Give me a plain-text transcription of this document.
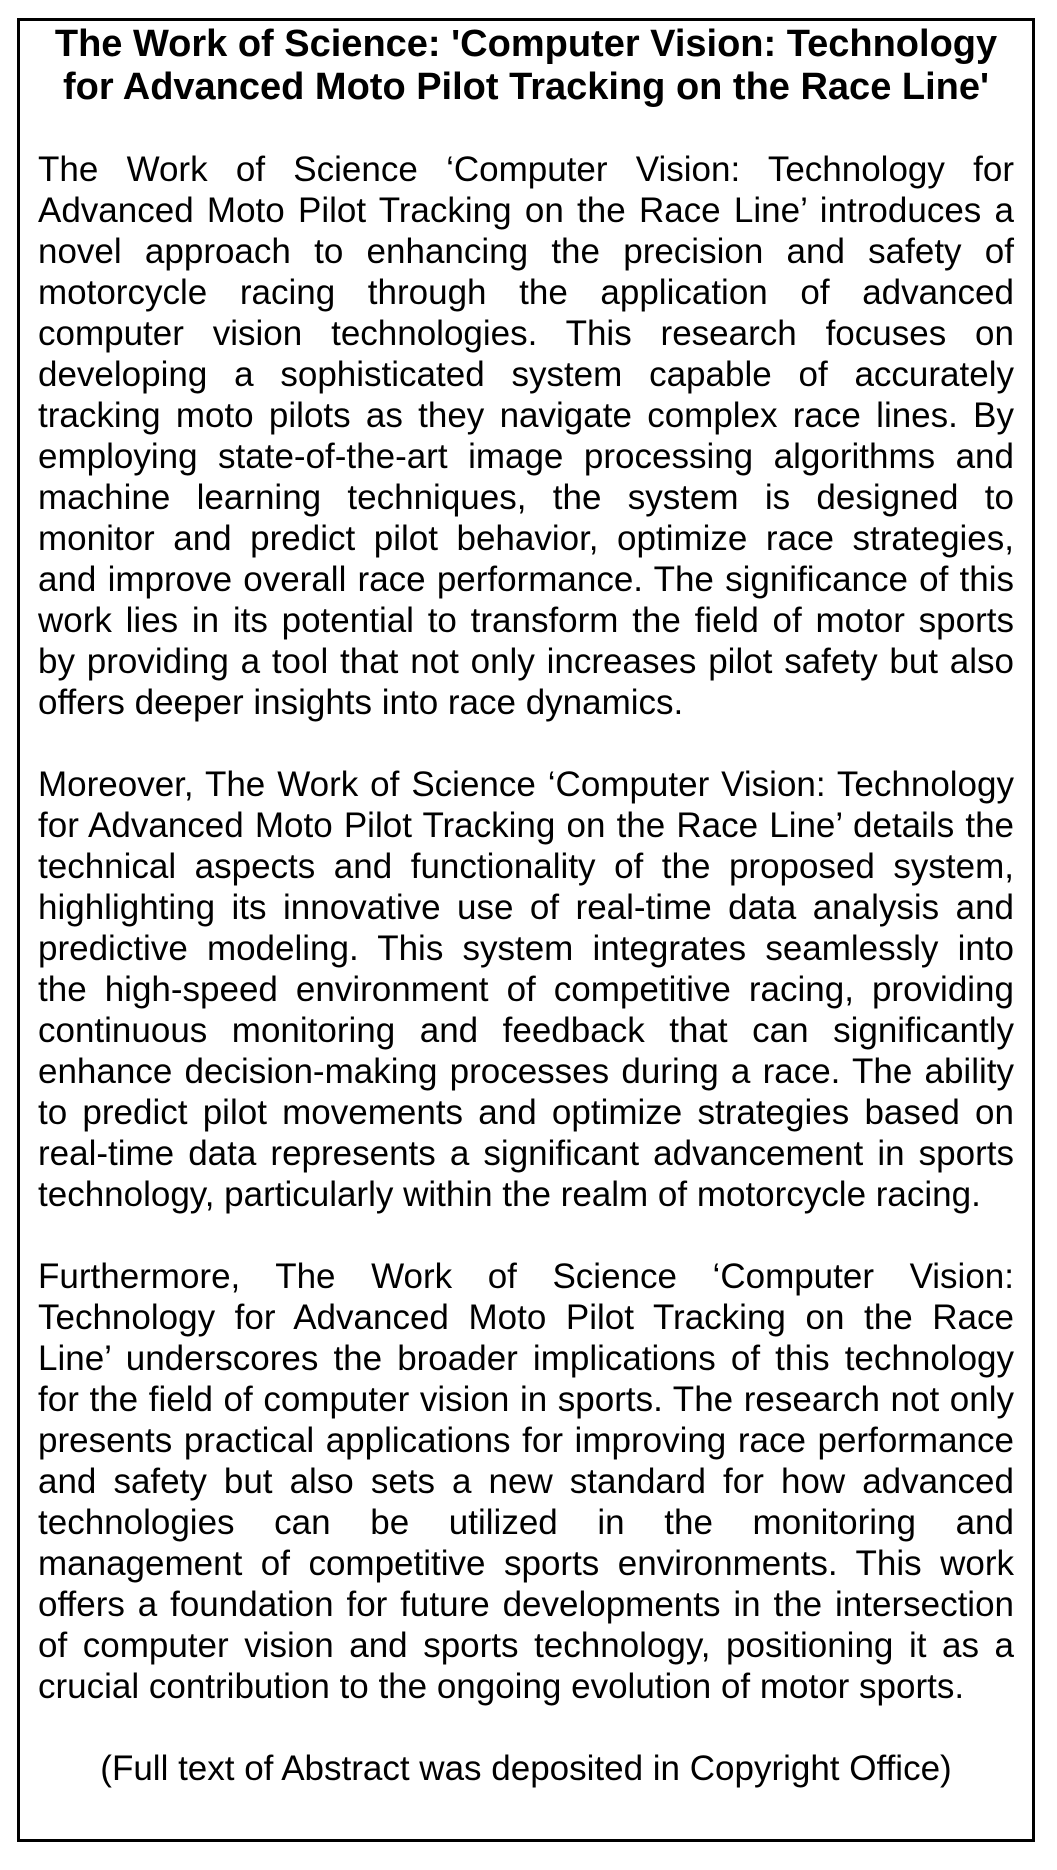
The Work of Science: 'Computer Vision: Technology for Advanced Moto Pilot Tracking on the Race Line'

The Work of Science ‘Computer Vision: Technology for Advanced Moto Pilot Tracking on the Race Line’ introduces a novel approach to enhancing the precision and safety of motorcycle racing through the application of advanced computer vision technologies. This research focuses on developing a sophisticated system capable of accurately tracking moto pilots as they navigate complex race lines. By employing state-of-the-art image processing algorithms and machine learning techniques, the system is designed to monitor and predict pilot behavior, optimize race strategies, and improve overall race performance. The significance of this work lies in its potential to transform the field of motor sports by providing a tool that not only increases pilot safety but also offers deeper insights into race dynamics.

Moreover, The Work of Science ‘Computer Vision: Technology for Advanced Moto Pilot Tracking on the Race Line’ details the technical aspects and functionality of the proposed system, highlighting its innovative use of real-time data analysis and predictive modeling. This system integrates seamlessly into the high-speed environment of competitive racing, providing continuous monitoring and feedback that can significantly enhance decision-making processes during a race. The ability to predict pilot movements and optimize strategies based on real-time data represents a significant advancement in sports technology, particularly within the realm of motorcycle racing.

Furthermore, The Work of Science ‘Computer Vision: Technology for Advanced Moto Pilot Tracking on the Race Line’ underscores the broader implications of this technology for the field of computer vision in sports. The research not only presents practical applications for improving race performance and safety but also sets a new standard for how advanced technologies can be utilized in the monitoring and management of competitive sports environments. This work offers a foundation for future developments in the intersection of computer vision and sports technology, positioning it as a crucial contribution to the ongoing evolution of motor sports.

(Full text of Abstract was deposited in Copyright Office)
